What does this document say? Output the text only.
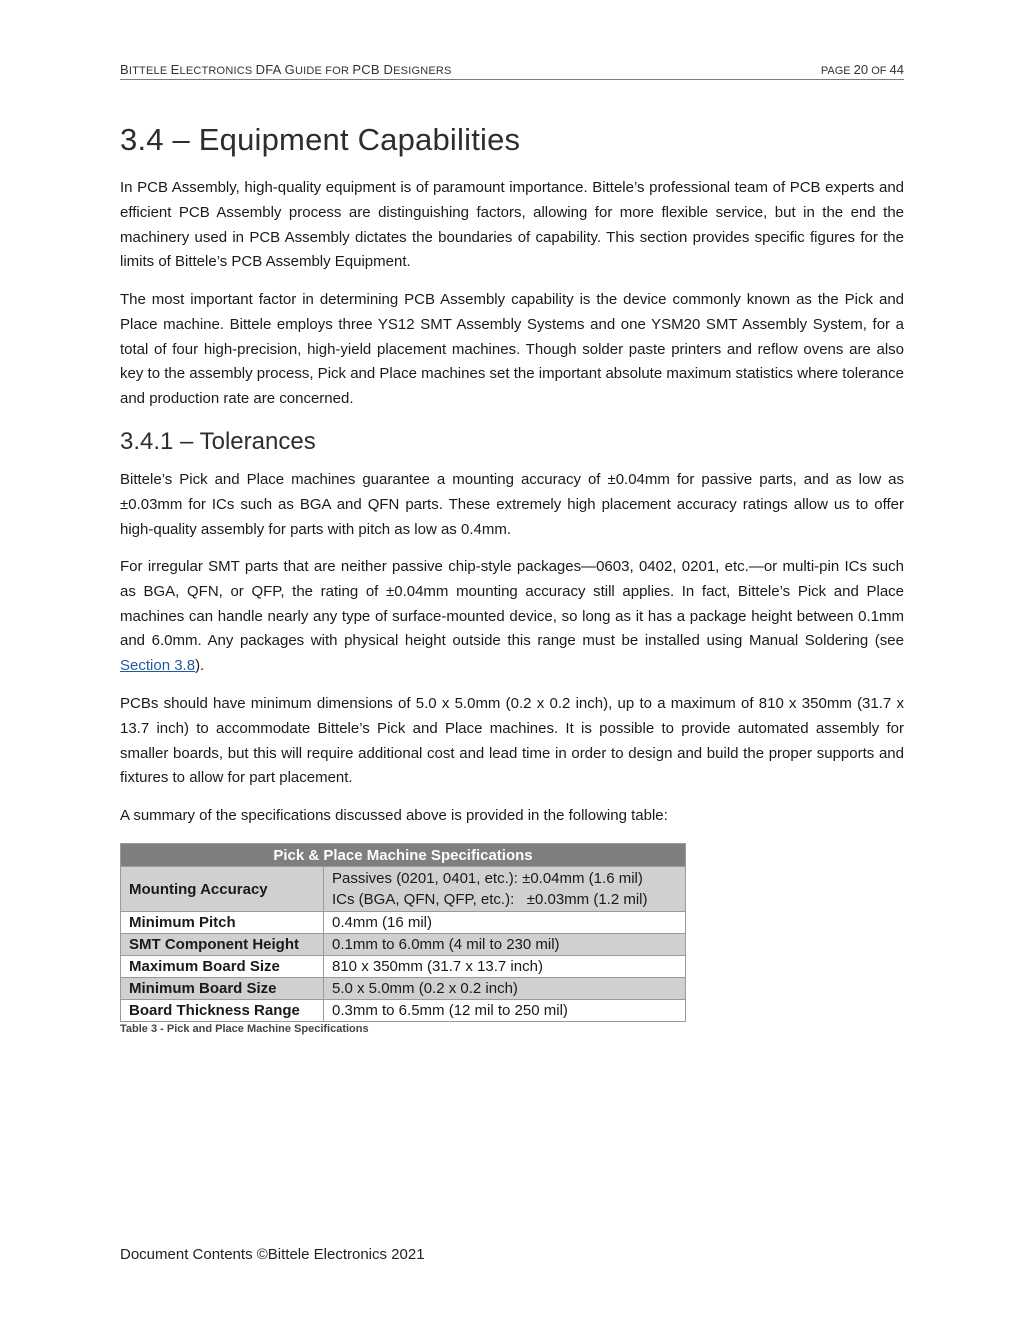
BITTELE ELECTRONICS DFA GUIDE FOR PCB DESIGNERS	PAGE 20 OF 44
3.4 – Equipment Capabilities

In PCB Assembly, high-quality equipment is of paramount importance. Bittele’s professional team of PCB experts and efficient PCB Assembly process are distinguishing factors, allowing for more flexible service, but in the end the machinery used in PCB Assembly dictates the boundaries of capability. This section provides specific figures for the limits of Bittele’s PCB Assembly Equipment.

The most important factor in determining PCB Assembly capability is the device commonly known as the Pick and Place machine. Bittele employs three YS12 SMT Assembly Systems and one YSM20 SMT Assembly System, for a total of four high-precision, high-yield placement machines. Though solder paste printers and reflow ovens are also key to the assembly process, Pick and Place machines set the important absolute maximum statistics where tolerance and production rate are concerned.

3.4.1 – Tolerances

Bittele’s Pick and Place machines guarantee a mounting accuracy of ±0.04mm for passive parts, and as low as ±0.03mm for ICs such as BGA and QFN parts. These extremely high placement accuracy ratings allow us to offer high-quality assembly for parts with pitch as low as 0.4mm.

For irregular SMT parts that are neither passive chip-style packages—0603, 0402, 0201, etc.—or multi-pin ICs such as BGA, QFN, or QFP, the rating of ±0.04mm mounting accuracy still applies. In fact, Bittele’s Pick and Place machines can handle nearly any type of surface-mounted device, so long as it has a package height between 0.1mm and 6.0mm. Any packages with physical height outside this range must be installed using Manual Soldering (see Section 3.8).

PCBs should have minimum dimensions of 5.0 x 5.0mm (0.2 x 0.2 inch), up to a maximum of 810 x 350mm (31.7 x 13.7 inch) to accommodate Bittele’s Pick and Place machines. It is possible to provide automated assembly for smaller boards, but this will require additional cost and lead time in order to design and build the proper supports and fixtures to allow for part placement.

A summary of the specifications discussed above is provided in the following table:

Pick & Place Machine Specifications	
Mounting Accuracy	Passives (0201, 0401, etc.): ±0.04mm (1.6 mil)
ICs (BGA, QFN, QFP, etc.):   ±0.03mm (1.2 mil)

Minimum Pitch	0.4mm (16 mil)
SMT Component Height	0.1mm to 6.0mm (4 mil to 230 mil)
Maximum Board Size	810 x 350mm (31.7 x 13.7 inch)
Minimum Board Size	5.0 x 5.0mm (0.2 x 0.2 inch)
Board Thickness Range	0.3mm to 6.5mm (12 mil to 250 mil)
Table 3 - Pick and Place Machine Specifications
Document Contents ©Bittele Electronics 2021
